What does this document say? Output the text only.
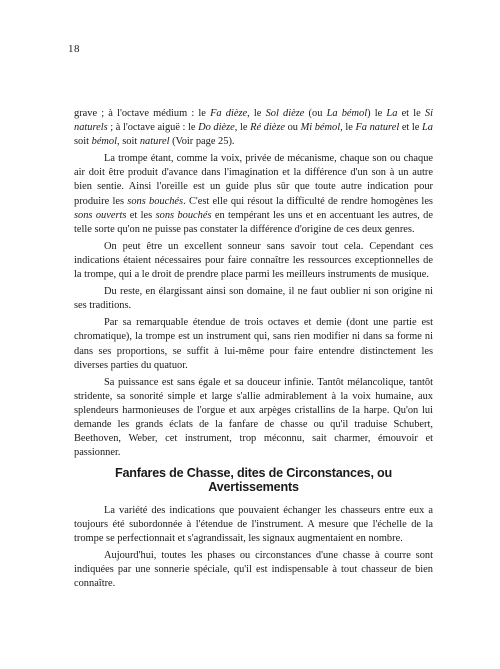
18

grave ; à l'octave médium : le Fa dièze, le Sol dièze (ou La bémol) le La et le Si naturels ; à l'octave aiguë : le Do dièze, le Ré dièze ou Mi bémol, le Fa naturel et le La soit bémol, soit naturel (Voir page 25).

La trompe étant, comme la voix, privée de mécanisme, chaque son ou chaque air doit être produit d'avance dans l'imagination et la différence d'un son à un autre bien sentie. Ainsi l'oreille est un guide plus sûr que toute autre indication pour produire les sons bouchés. C'est elle qui résout la difficulté de rendre homogènes les sons ouverts et les sons bouchés en tempérant les uns et en accentuant les autres, de telle sorte qu'on ne puisse pas constater la différence d'origine de ces deux genres.

On peut être un excellent sonneur sans savoir tout cela. Cependant ces indications étaient nécessaires pour faire connaître les ressources exceptionnelles de la trompe, qui a le droit de prendre place parmi les meilleurs instruments de musique.

Du reste, en élargissant ainsi son domaine, il ne faut oublier ni son origine ni ses traditions.

Par sa remarquable étendue de trois octaves et demie (dont une partie est chromatique), la trompe est un instrument qui, sans rien modifier ni dans sa forme ni dans ses proportions, se suffit à lui-même pour faire entendre distinctement les diverses parties du quatuor.

Sa puissance est sans égale et sa douceur infinie. Tantôt mélancolique, tantôt stridente, sa sonorité simple et large s'allie admirablement à la voix humaine, aux splendeurs harmonieuses de l'orgue et aux arpèges cristallins de la harpe. Qu'on lui demande les grands éclats de la fanfare de chasse ou qu'il traduise Schubert, Beethoven, Weber, cet instrument, trop méconnu, sait charmer, émouvoir et passionner.

Fanfares de Chasse, dites de Circonstances, ou Avertissements

La variété des indications que pouvaient échanger les chasseurs entre eux a toujours été subordonnée à l'étendue de l'instrument. A mesure que l'échelle de la trompe se perfectionnait et s'agrandissait, les signaux augmentaient en nombre.

Aujourd'hui, toutes les phases ou circonstances d'une chasse à courre sont indiquées par une sonnerie spéciale, qu'il est indispensable à tout chasseur de bien connaître.
